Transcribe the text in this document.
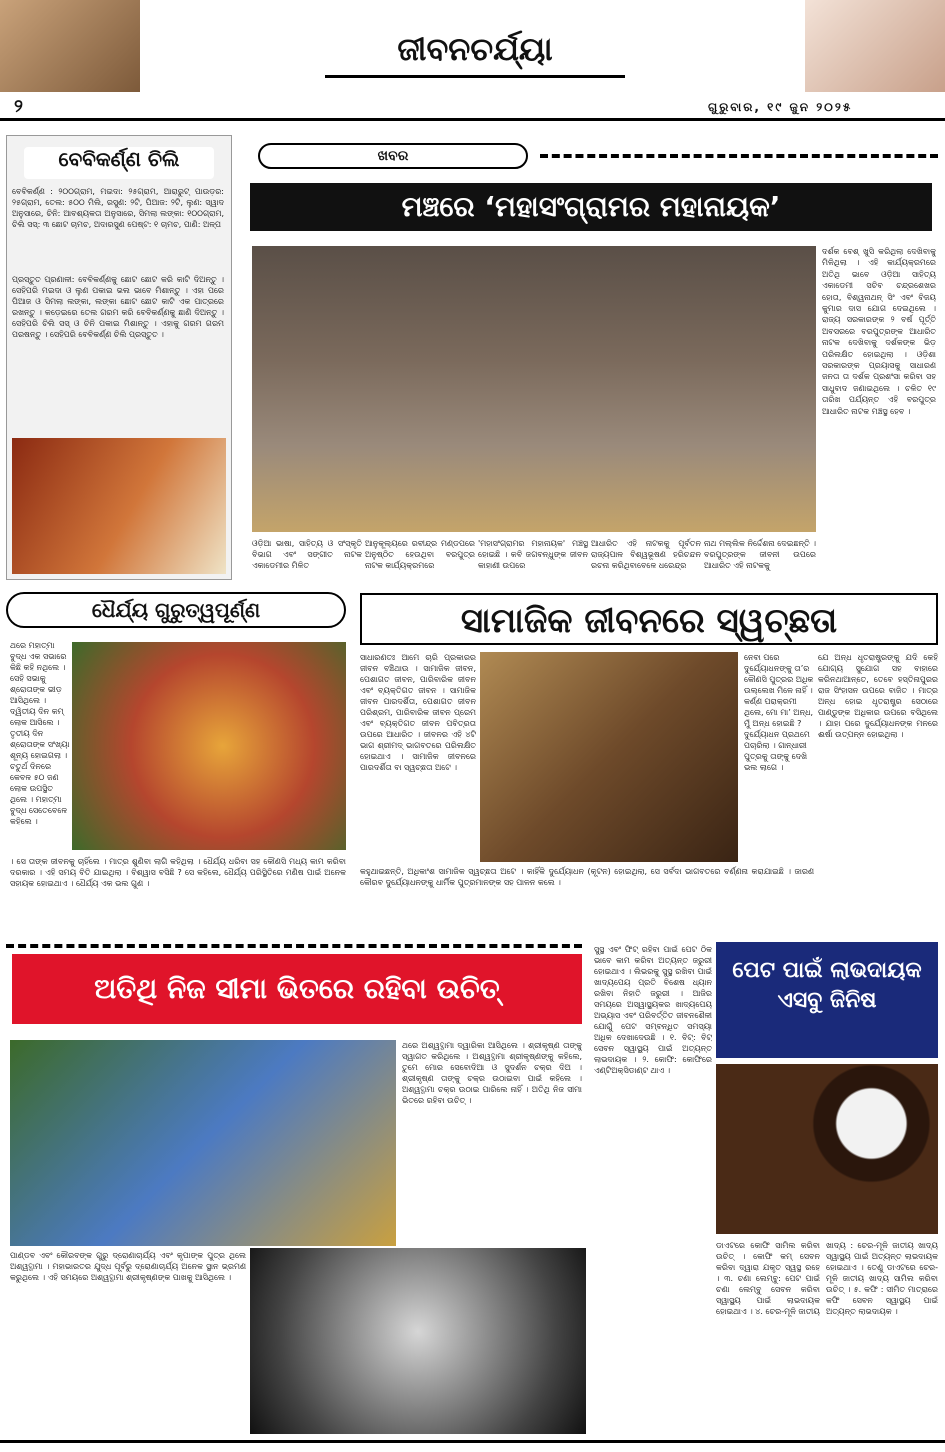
ଜୀବନଚର୍ଯ୍ୟା
୨	ଗୁରୁବାର, ୧୯ ଜୁନ ୨୦୨୫
ବେବିକର୍ଣ୍ଣ ଚିଲି
ବେବିକର୍ଣ୍ଣ : ୨୦୦ଗ୍ରାମ, ମଇଦା: ୨୫ଗ୍ରାମ, ଆରାରୁଟ୍ ପାଉଡ଼ର: ୨୫ଗ୍ରାମ, ତେଲ: ୫୦୦ ମିଲି, ରସୁଣ: ୨ଟି, ପିଆଜ: ୨ଟି, ଲୁଣ: ସ୍ୱାଦ ଅନୁସାରେ, ଚିନି: ଆବଶ୍ୟକତା ଅନୁସାରେ, ସିମଲା ଲଙ୍କା: ୧୦୦ଗ୍ରାମ, ଚିଲି ସସ୍: ୩ ଛୋଟ ଚାମଚ, ଅଦାରସୁଣ ପେଷ୍ଟ: ୧ ଚାମଚ, ପାଣି: ଅଳ୍ପ
ପ୍ରସ୍ତୁତ ପ୍ରଣାଳୀ: ବେବିକର୍ଣ୍ଣକୁ ଛୋଟ ଛୋଟ କରି କାଟି ଦିଅନ୍ତୁ । ସେହିପରି ମଇଦା ଓ ଲୁଣ ପକାଇ ଭଲ ଭାବେ ମିଶାନ୍ତୁ । ଏହା ପରେ ପିଆଜ ଓ ସିମଲା ଲଙ୍କା, ଲଙ୍କା ଛୋଟ ଛୋଟ କାଟି ଏକ ପାତ୍ରରେ ରଖନ୍ତୁ । କଡ଼େଇରେ ତେଲ ଗରମ କରି ବେବିକର୍ଣ୍ଣକୁ ଛାଣି ଦିଅନ୍ତୁ । ସେହିପରି ଚିଲି ସସ୍ ଓ ଚିନି ପକାଇ ମିଶାନ୍ତୁ । ଏହାକୁ ଗରମ ଗରମ ପରଷନ୍ତୁ । ସେହିପରି ବେବିକର୍ଣ୍ଣ ଚିଲି ପ୍ରସ୍ତୁତ ।
ଖବର
ମଞ୍ଚରେ ‘ମହାସଂଗ୍ରାମର ମହାନାୟକ’
ଦର୍ଶକ ବେଶ୍ ଖୁସି କରିଥିଲା ଦେଖିବାକୁ ମିଳିଥିଲା । ଏହି କାର୍ଯ୍ୟକ୍ରମରେ ଅତିଥି ଭାବେ ଓଡ଼ିଆ ସାହିତ୍ୟ ଏକାଡେମୀ ସଚିବ ଚନ୍ଦ୍ରଶେଖର ହୋତା, ବିଶ୍ୱନାଥନ୍ ସିଂ ଏବଂ ବିଜୟ କୁମାର ଦାସ ଯୋଗ ଦେଇଥିଲେ । ରାଜ୍ୟ ସରକାରଙ୍କ ୨ ବର୍ଷ ପୂର୍ତ୍ତି ଅବସରରେ ବରପୁତ୍ରଙ୍କ ଆଧାରିତ ନାଟକ ଦେଖିବାକୁ ଦର୍ଶକଙ୍କ ଭିଡ଼ ପରିଲକ୍ଷିତ ହୋଇଥିଲା । ଓଡ଼ିଶା ସରକାରଙ୍କ ପ୍ରୟାସକୁ ସାଧାରଣ ଜନତା ତା ଦର୍ଶକ ପ୍ରଶଂସା କରିବା ସହ ସାଧୁବାଦ ଜଣାଇଥିଲେ । ଚଳିତ ୧୯ ତାରିଖ ପର୍ଯ୍ୟନ୍ତ ଏହି ବରପୁତ୍ର ଆଧାରିତ ନାଟକ ମଞ୍ଚସ୍ଥ ହେବ ।
ଓଡ଼ିଆ ଭାଷା, ସାହିତ୍ୟ ଓ ସଂସ୍କୃତି ବିଭାଗ ଏବଂ ସଙ୍ଗୀତ ନାଟକ ଏକାଡେମୀର ମିଳିତ
ଆନୁକୂଲ୍ୟରେ ରବୀନ୍ଦ୍ର ମଣ୍ଡପରେ ଅନୁଷ୍ଠିତ ହେଉଥିବା ବରପୁତ୍ର ନାଟକ କାର୍ଯ୍ୟକ୍ରମରେ
'ମହାସଂଗ୍ରାମର ମହାନାୟକ' ମଞ୍ଚସ୍ଥ ହୋଇଛି । କବି ଜଗବନ୍ଧୁଙ୍କ ଜୀବନ କାହାଣୀ ଉପରେ
ଆଧାରିତ ଏହି ନାଟକକୁ ପୂର୍ବତନ ରାଜ୍ୟପାଳ ବିଶ୍ୱଭୂଷଣ ହରିଚନ୍ଦନ ରଚନା କରିଥିବାବେଳେ ଧରେନ୍ଦ୍ର
ନାଥ ମଲ୍ଲିକ ନିର୍ଦ୍ଦେଶନା ଦେଇଛନ୍ତି । ବରପୁତ୍ରଙ୍କ ଜୀବନୀ ଉପରେ ଆଧାରିତ ଏହି ନାଟକକୁ
ଧୈର୍ଯ୍ୟ ଗୁରୁତ୍ୱପୂର୍ଣ୍ଣ
ଥରେ ମହାତ୍ମା ବୁଦ୍ଧ ଏକ ସଭାରେ କିଛି କହି ନଥିଲେ । ସେହି ସଭାକୁ ଶ୍ରୋତାଙ୍କ ଭୀଡ଼ ଆସିଥିଲେ । ଦ୍ୱିତୀୟ ଦିନ କମ୍ ଲୋକ ଆସିଲେ । ତୃତୀୟ ଦିନ ଶ୍ରୋତାଙ୍କ ସଂଖ୍ୟା ଶୂନ୍ୟ ହୋଇଗଲା । ଚତୁର୍ଥ ଦିନରେ କେବଳ ୫୦ ଜଣ ଲୋକ ଉପସ୍ଥିତ ଥିଲେ । ମହାତ୍ମା ବୁଦ୍ଧ ସେତେବେଳେ କହିଲେ ।
। ସେ ତାଙ୍କ ଜୀବନକୁ ଚାହିଁଲେ । ମାତ୍ର ଶୁଣିବା ଲାଗି କହିଥିଲା । ଧୈର୍ଯ୍ୟ ଧରିବା ସହ କୌଣସି ମଧ୍ୟ କାମ କରିବା ଦରକାର । ଏହି ସମୟ ବିତି ଯାଇଥିଲା । ବିଶ୍ୱାସ ବସିଛି ? ସେ କହିଲେ, ଧୈର୍ଯ୍ୟ ପରିସ୍ଥିତିରେ ମଣିଷ ପାଇଁ ଅନେକ ସହାୟକ ହୋଇଥାଏ । ଧୈର୍ଯ୍ୟ ଏକ ଭଲ ଗୁଣ ।
ସାମାଜିକ ଜୀବନରେ ସ୍ୱଚ୍ଛତା
ସାଧାରଣତଃ ଆମେ ଚାରି ପ୍ରକାରର ଜୀବନ ବଞ୍ଚିଥାଉ । ସାମାଜିକ ଜୀବନ, ପେଶାଗତ ଜୀବନ, ପାରିବାରିକ ଜୀବନ ଏବଂ ବ୍ୟକ୍ତିଗତ ଜୀବନ । ସାମାଜିକ ଜୀବନ ପାରଦର୍ଶିତା, ପେଶାଗତ ଜୀବନ ପରିଶ୍ରମ, ପାରିବାରିକ ଜୀବନ ପ୍ରେମ ଏବଂ ବ୍ୟକ୍ତିଗତ ଜୀବନ ପବିତ୍ରତା ଉପରେ ଆଧାରିତ । ଜୀବନର ଏହି ୪ଟି ଭାଗ ଶ୍ରୀମଦ୍ ଭାଗବତରେ ପରିଲକ୍ଷିତ ହୋଇଥାଏ । ସାମାଜିକ ଜୀବନରେ ପାରଦର୍ଶିତା ବା ସ୍ୱଚ୍ଛତା ଅଟେ ।
ନେବା ପରେ ଦୁର୍ଯ୍ୟୋଧନଙ୍କୁ ତା’ର କୌଣସି ପୁତ୍ରର ଅଧିକ ଉଲ୍ଲେଖ ମିଳେ ନାହିଁ । କର୍ଣ୍ଣ ପରାକ୍ରମୀ ଥିଲେ, ମୋ ମା’ ଅନ୍ଧ, ମୁଁ ଅନ୍ଧ ହୋଇଛି ? ଦୁର୍ଯ୍ୟୋଧନ ପ୍ରଥମେ ପଚାରିଲା । ଗାନ୍ଧାରୀ ପୁତ୍ରକୁ ତାଙ୍କୁ ଦେଖି ଭଲ ଲାଗେ ।
ଯେ ଅନ୍ଧ ଧୃତରାଷ୍ଟ୍ରଙ୍କୁ ଯଦି କେହି ଯୋଗ୍ୟ ସୁଯୋଗ ସହ ବାହାରେ କରିନଥାଆନ୍ତେ, ତେବେ ହସ୍ତିନାପୁରର ରାଜ ସିଂହାସନ ଉପରେ ବାଜିତ । ମାତ୍ର ଅନ୍ଧ ହୋଇ ଧୃତରାଷ୍ଟ୍ର ସେଠାରେ ପାଣ୍ଡୁଙ୍କ ଅଧିକାର ଉପରେ ବସିଥିଲେ । ଯାହା ପରେ ଦୁର୍ଯ୍ୟୋଧନଙ୍କ ମନରେ ଈର୍ଷା ଉତ୍ପନ୍ନ ହୋଇଥିଲା ।
କହୁଥାଇଛନ୍ତି, ଅଧିକାଂଶ ସାମାଜିକ ସ୍ୱଚ୍ଛତା ଅଟେ । କାହିଁକି ଦୁର୍ଯ୍ୟୋଧନ (କୂଟନ) ହୋଇଥିଲା, ସେ ସର୍ବଦା ଭାଗବତରେ ବର୍ଣ୍ଣନା କରାଯାଇଛି । ଜାରଣ କୌରବ ଦୁର୍ଯ୍ୟୋଧନଙ୍କୁ ଧାର୍ମିକ ପୁତ୍ରମାନଙ୍କ ସହ ପାଳନ କଲେ ।
ଅତିଥି ନିଜ ସୀମା ଭିତରେ ରହିବା ଉଚିତ୍
ଥରେ ଅଶ୍ୱତ୍ଥାମା ଦ୍ୱାରିକା ଆସିଥିଲେ । ଶ୍ରୀକୃଷ୍ଣ ତାଙ୍କୁ ସ୍ୱାଗତ କରିଥିଲେ । ଅଶ୍ୱତ୍ଥାମା ଶ୍ରୀକୃଷ୍ଣଙ୍କୁ କହିଲେ, ତୁମେ ମୋର ସେବୋଦିଆ ଓ ସୁଦର୍ଶନ ଚକ୍ର ଦିଅ । ଶ୍ରୀକୃଷ୍ଣ ତାଙ୍କୁ ଚକ୍ର ଉଠାଇବା ପାଇଁ କହିଲେ । ଅଶ୍ୱତ୍ଥାମା ଚକ୍ର ଉଠାଇ ପାରିଲେ ନାହିଁ । ଅତିଥି ନିଜ ସୀମା ଭିତରେ ରହିବା ଉଚିତ୍ ।
ପାଣ୍ଡବ ଏବଂ କୌରବଙ୍କ ଗୁରୁ ଦ୍ରୋଣାଚାର୍ଯ୍ୟ ଏବଂ କୃପାଙ୍କ ପୁତ୍ର ଥିଲେ ଅଶ୍ୱତ୍ଥାମା । ମହାଭାରତର ଯୁଦ୍ଧ ପୂର୍ବରୁ ଦ୍ରୋଣାଚାର୍ଯ୍ୟ ଅନେକ ସ୍ଥାନ ଭ୍ରମଣ କରୁଥିଲେ । ଏହି ସମୟରେ ଅଶ୍ୱତ୍ଥାମା ଶ୍ରୀକୃଷ୍ଣଙ୍କ ପାଖକୁ ଆସିଥିଲେ ।
ସୁସ୍ଥ ଏବଂ ଫିଟ୍ ରହିବା ପାଇଁ ପେଟ ଠିକ ଭାବେ କାମ କରିବା ଅତ୍ୟନ୍ତ ଜରୁରୀ ହୋଇଥାଏ । ଲିଭରକୁ ସୁସ୍ଥ ରଖିବା ପାଇଁ ଖାଦ୍ୟପେୟ ପ୍ରତି ବିଶେଷ ଧ୍ୟାନ ରଖିବା ନିହାତି ଜରୁରୀ । ଆଜିର ସମୟରେ ଅସ୍ୱାସ୍ଥ୍ୟକର ଖାଦ୍ୟପେୟ ଅଭ୍ୟାସ ଏବଂ ପରିବର୍ତ୍ତିତ ଜୀବନଶୈଳୀ ଯୋଗୁଁ ପେଟ ସମ୍ବନ୍ଧିତ ସମସ୍ୟା ଅଧିକ ଦେଖାଦେଉଛି । ୧. ବିଟ୍: ବିଟ୍ ସେବନ ସ୍ୱାସ୍ଥ୍ୟ ପାଇଁ ଅତ୍ୟନ୍ତ ଲାଭଦାୟକ । ୨. କୋଫି: କୋଫିରେ ଏଣ୍ଟିଅକ୍ସିଡାଣ୍ଟ ଥାଏ ।
ପେଟ ପାଇଁ ଲାଭଦାୟକ ଏସବୁ ଜିନିଷ
ଡାଏଟରେ କୋଫି ସାମିଲ କରିବା ଉଚିତ୍ । କୋଫି କମ୍ ସେବନ କରିବା ଦ୍ୱାରା ଯକୃତ ସ୍ୱସ୍ଥ ରହେ । ୩. ଚଣା ଲେମ୍ବୁ: ପେଟ ପାଇଁ ଚଣା ଲେମ୍ବୁ ସେବନ କରିବା ସ୍ୱାସ୍ଥ୍ୟ ପାଇଁ ଲାଭଦାୟକ ହୋଇଥାଏ । ୪. ଚେର-ମୂଳି ଜାତୀୟ
ଖାଦ୍ୟ : ଚେର-ମୂଳି ଜାତୀୟ ଖାଦ୍ୟ ସ୍ୱାସ୍ଥ୍ୟ ପାଇଁ ଅତ୍ୟନ୍ତ ଲାଭଦାୟକ ହୋଇଥାଏ । ତେଣୁ ଡାଏଟରେ ଚେର-ମୂଳି ଜାତୀୟ ଖାଦ୍ୟ ସାମିଲ କରିବା ଉଚିତ୍ । ୫. କଫି : ସୀମିତ ମାତ୍ରାରେ କଫି ସେବନ ସ୍ୱାସ୍ଥ୍ୟ ପାଇଁ ଅତ୍ୟନ୍ତ ଲାଭଦାୟକ ।
